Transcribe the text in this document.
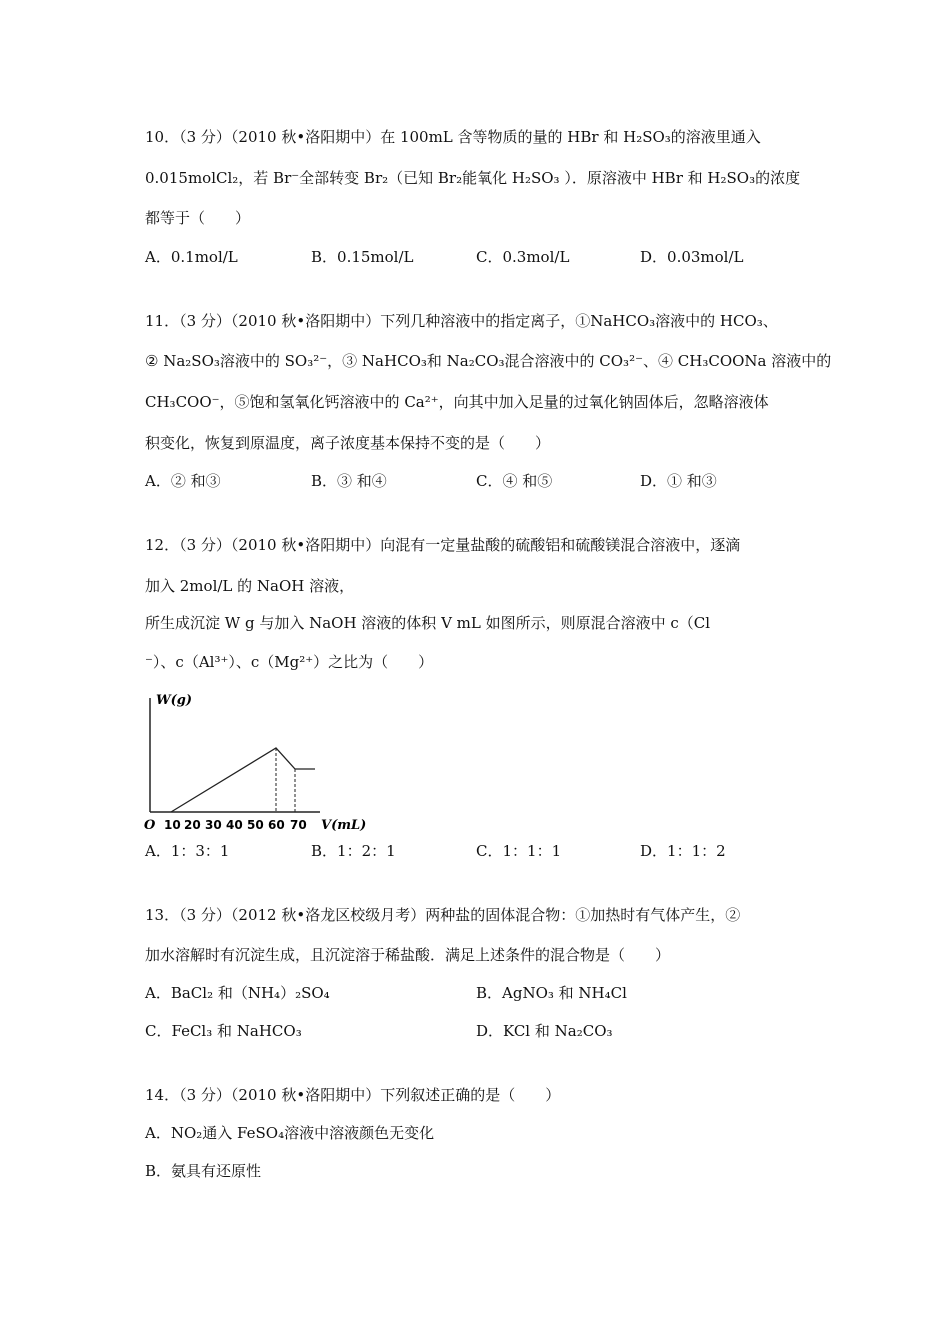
10．（3 分）（2010 秋•洛阳期中）在 100mL 含等物质的量的 HBr 和 H₂SO₃的溶液里通入
0.015molCl₂，若 Br⁻全部转变 Br₂（已知 Br₂能氧化 H₂SO₃ ）．原溶液中 HBr 和 H₂SO₃的浓度
都等于（　　）
A．0.1mol/L	B．0.15mol/L	C．0.3mol/L	D．0.03mol/L
11．（3 分）（2010 秋•洛阳期中）下列几种溶液中的指定离子，①NaHCO₃溶液中的 HCO₃、
② Na₂SO₃溶液中的 SO₃²⁻，③ NaHCO₃和 Na₂CO₃混合溶液中的 CO₃²⁻、④ CH₃COONa 溶液中的
CH₃COO⁻，⑤饱和氢氧化钙溶液中的 Ca²⁺，向其中加入足量的过氧化钠固体后，忽略溶液体
积变化，恢复到原温度，离子浓度基本保持不变的是（　　）
A．② 和③	B．③ 和④	C．④ 和⑤	D．① 和③
12．（3 分）（2010 秋•洛阳期中）向混有一定量盐酸的硫酸铝和硫酸镁混合溶液中，逐滴
加入 2mol/L 的 NaOH 溶液，
所生成沉淀 W g 与加入 NaOH 溶液的体积 V mL 如图所示，则原混合溶液中 c（Cl
⁻）、c（Al³⁺）、c（Mg²⁺）之比为（　　）
W(g)
O 10 20 30 40 50 60 70 V(mL)
A．1：3：1	B．1：2：1	C．1：1：1	D．1：1：2
13．（3 分）（2012 秋•洛龙区校级月考）两种盐的固体混合物：①加热时有气体产生，②
加水溶解时有沉淀生成，且沉淀溶于稀盐酸．满足上述条件的混合物是（　　）
A．BaCl₂ 和（NH₄）₂SO₄	B．AgNO₃ 和 NH₄Cl
C．FeCl₃ 和 NaHCO₃	D．KCl 和 Na₂CO₃
14．（3 分）（2010 秋•洛阳期中）下列叙述正确的是（　　）
A．NO₂通入 FeSO₄溶液中溶液颜色无变化
B．氨具有还原性
